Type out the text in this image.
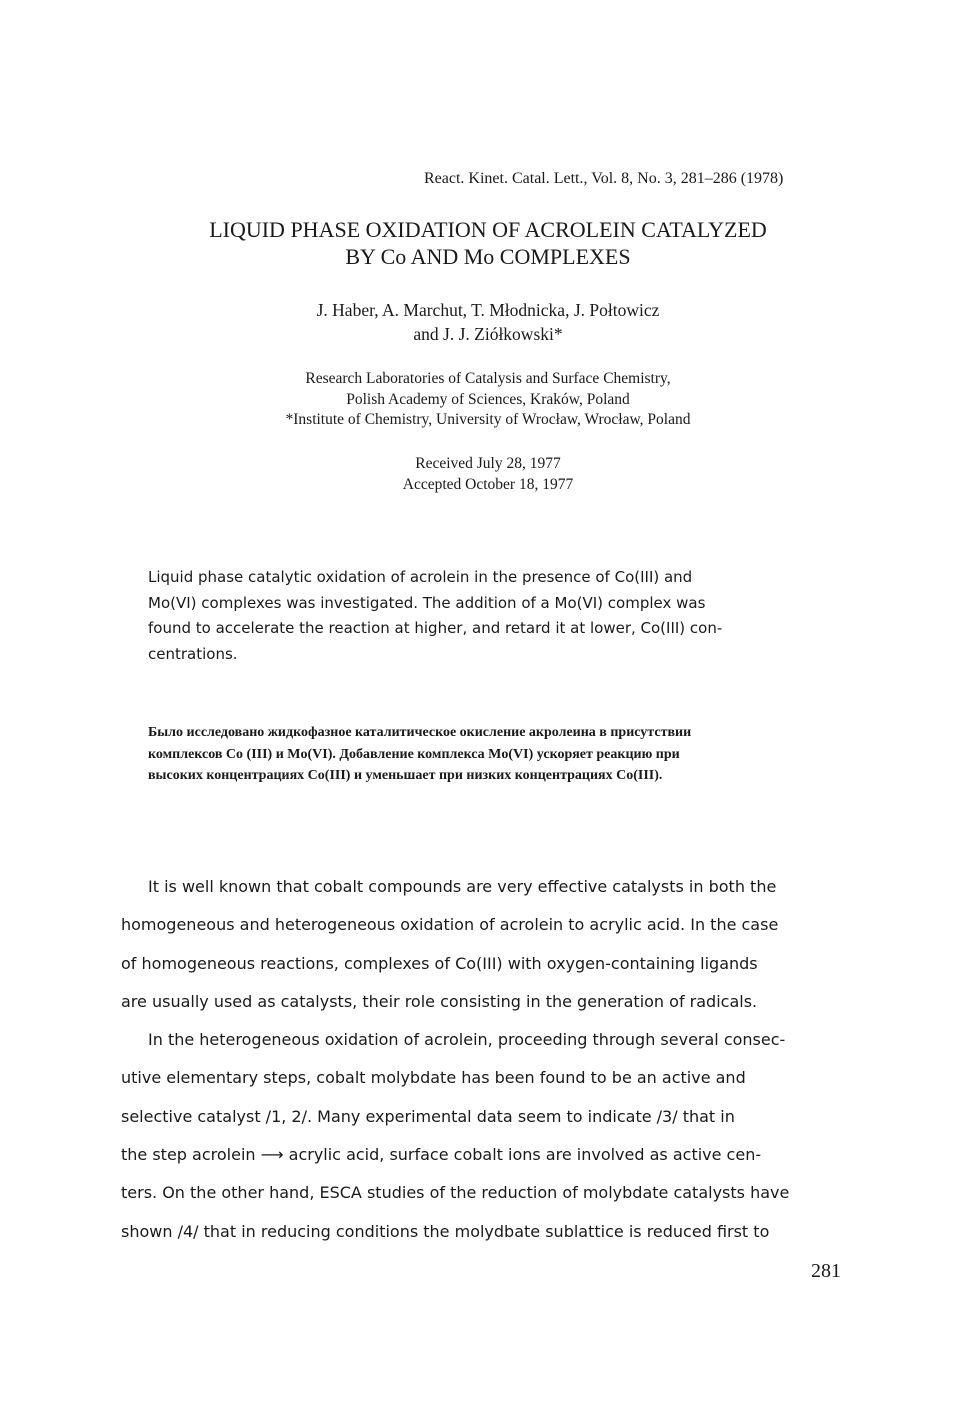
React. Kinet. Catal. Lett., Vol. 8, No. 3, 281–286 (1978)
LIQUID PHASE OXIDATION OF ACROLEIN CATALYZED
BY Co AND Mo COMPLEXES
J. Haber, A. Marchut, T. Młodnicka, J. Połtowicz
and J. J. Ziółkowski*
Research Laboratories of Catalysis and Surface Chemistry,
Polish Academy of Sciences, Kraków, Poland
*Institute of Chemistry, University of Wrocław, Wrocław, Poland
Received July 28, 1977
Accepted October 18, 1977
Liquid phase catalytic oxidation of acrolein in the presence of Co(III) and
Mo(VI) complexes was investigated. The addition of a Mo(VI) complex was
found to accelerate the reaction at higher, and retard it at lower, Co(III) con-
centrations.
Было исследовано жидкофазное каталитическое окисление акролеина в присутствии
комплексов Co (III) и Mo(VI). Добавление комплекса Mo(VI) ускоряет реакцию при
высоких концентрациях Co(III) и уменьшает при низких концентрациях Co(III).
It is well known that cobalt compounds are very effective catalysts in both the
homogeneous and heterogeneous oxidation of acrolein to acrylic acid. In the case
of homogeneous reactions, complexes of Co(III) with oxygen-containing ligands
are usually used as catalysts, their role consisting in the generation of radicals.
In the heterogeneous oxidation of acrolein, proceeding through several consec-
utive elementary steps, cobalt molybdate has been found to be an active and
selective catalyst /1, 2/. Many experimental data seem to indicate /3/ that in
the step acrolein ⟶ acrylic acid, surface cobalt ions are involved as active cen-
ters. On the other hand, ESCA studies of the reduction of molybdate catalysts have
shown /4/ that in reducing conditions the molydbate sublattice is reduced first to
281
